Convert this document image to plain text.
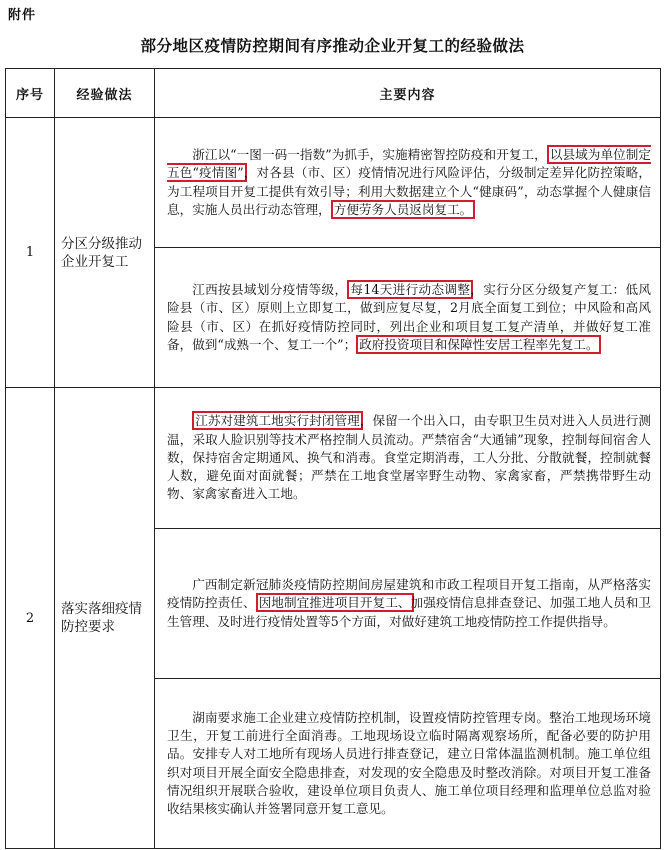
附件
部分地区疫情防控期间有序推动企业开复工的经验做法
序号	经验做法	主要内容
1	分区分级推动企业开复工	浙江以“一图一码一指数”为抓手，实施精密智控防疫和开复工， 以县域为单位制定五色“疫情图”，对各县（市、区）疫情情况进行风险评估，分级制定差异化防控策略，为工程项目开复工提供有效引导；利用大数据建立个人“健康码”，动态掌握个人健康信息，实施人员出行动态管理， 方便劳务人员返岗复工。

		江西按县域划分疫情等级， 每14天进行动态调整，实行分区分级复产复工：低风险县（市、区）原则上立即复工，做到应复尽复，2月底全面复工到位；中风险和高风险县（市、区）在抓好疫情防控同时，列出企业和项目复工复产清单，并做好复工准备，做到“成熟一个、复工一个”； 政府投资项目和保障性安居工程率先复工。

2	落实落细疫情防控要求	江苏对建筑工地实行封闭管理，保留一个出入口，由专职卫生员对进入人员进行测温，采取人脸识别等技术严格控制人员流动。严禁宿舍“大通铺”现象，控制每间宿舍人数，保持宿舍定期通风、换气和消毒。食堂定期消毒，工人分批、分散就餐，控制就餐人数，避免面对面就餐；严禁在工地食堂屠宰野生动物、家禽家畜，严禁携带野生动物、家禽家畜进入工地。

		广西制定新冠肺炎疫情防控期间房屋建筑和市政工程项目开复工指南，从严格落实疫情防控责任、 因地制宜推进项目开复工、加强疫情信息排查登记、加强工地人员和卫生管理、及时进行疫情处置等5个方面，对做好建筑工地疫情防控工作提供指导。

		湖南要求施工企业建立疫情防控机制，设置疫情防控管理专岗。整治工地现场环境卫生，开复工前进行全面消毒。工地现场设立临时隔离观察场所，配备必要的防护用品。安排专人对工地所有现场人员进行排查登记，建立日常体温监测机制。施工单位组织对项目开展全面安全隐患排查，对发现的安全隐患及时整改消除。对项目开复工准备情况组织开展联合验收，建设单位项目负责人、施工单位项目经理和监理单位总监对验收结果核实确认并签署同意开复工意见。
